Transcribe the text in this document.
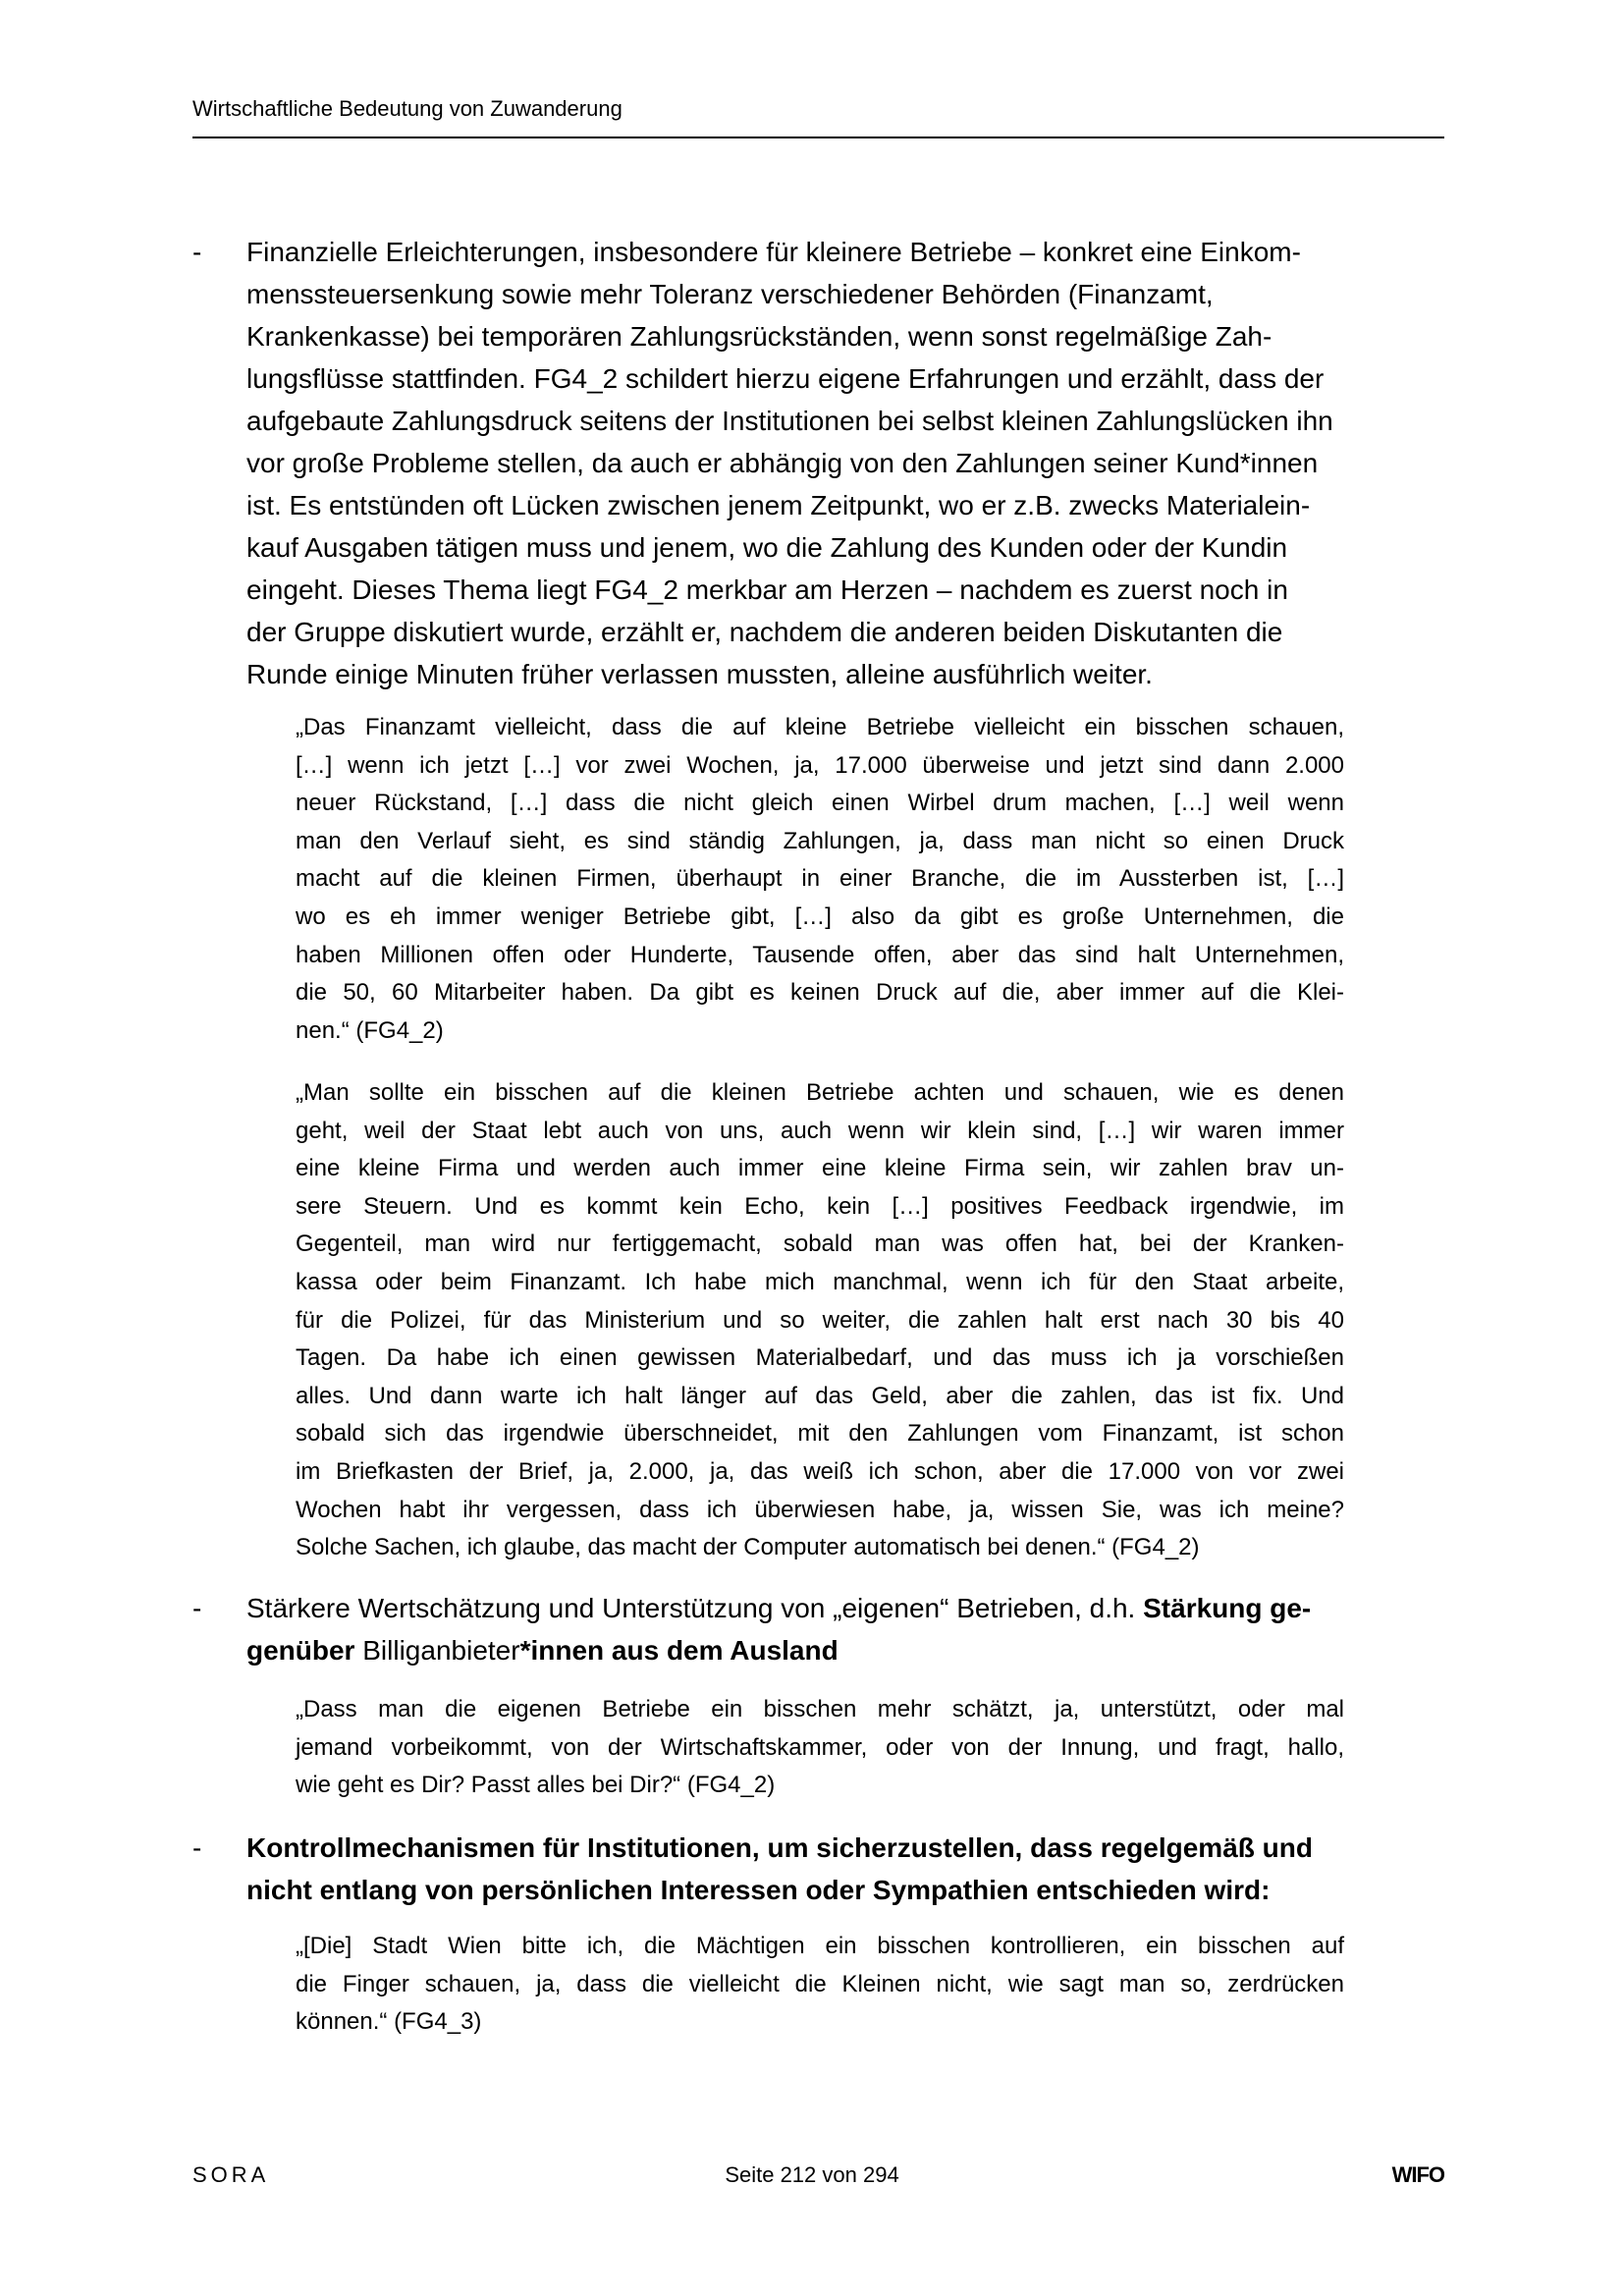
Wirtschaftliche Bedeutung von Zuwanderung
-	Finanzielle Erleichterungen, insbesondere für kleinere Betriebe – konkret eine Einkom-
menssteuersenkung sowie mehr Toleranz verschiedener Behörden (Finanzamt,
Krankenkasse) bei temporären Zahlungsrückständen, wenn sonst regelmäßige Zah-
lungsflüsse stattfinden. FG4_2 schildert hierzu eigene Erfahrungen und erzählt, dass der
aufgebaute Zahlungsdruck seitens der Institutionen bei selbst kleinen Zahlungslücken ihn
vor große Probleme stellen, da auch er abhängig von den Zahlungen seiner Kund*innen
ist. Es entstünden oft Lücken zwischen jenem Zeitpunkt, wo er z.B. zwecks Materialein-
kauf Ausgaben tätigen muss und jenem, wo die Zahlung des Kunden oder der Kundin
eingeht. Dieses Thema liegt FG4_2 merkbar am Herzen – nachdem es zuerst noch in
der Gruppe diskutiert wurde, erzählt er, nachdem die anderen beiden Diskutanten die
Runde einige Minuten früher verlassen mussten, alleine ausführlich weiter.
„Das Finanzamt vielleicht, dass die auf kleine Betriebe vielleicht ein bisschen schauen,
[…] wenn ich jetzt […] vor zwei Wochen, ja, 17.000 überweise und jetzt sind dann 2.000
neuer Rückstand, […] dass die nicht gleich einen Wirbel drum machen, […] weil wenn
man den Verlauf sieht, es sind ständig Zahlungen, ja, dass man nicht so einen Druck
macht auf die kleinen Firmen, überhaupt in einer Branche, die im Aussterben ist, […]
wo es eh immer weniger Betriebe gibt, […] also da gibt es große Unternehmen, die
haben Millionen offen oder Hunderte, Tausende offen, aber das sind halt Unternehmen,
die 50, 60 Mitarbeiter haben. Da gibt es keinen Druck auf die, aber immer auf die Klei-
nen.“ (FG4_2)
„Man sollte ein bisschen auf die kleinen Betriebe achten und schauen, wie es denen
geht, weil der Staat lebt auch von uns, auch wenn wir klein sind, […] wir waren immer
eine kleine Firma und werden auch immer eine kleine Firma sein, wir zahlen brav un-
sere Steuern. Und es kommt kein Echo, kein […] positives Feedback irgendwie, im
Gegenteil, man wird nur fertiggemacht, sobald man was offen hat, bei der Kranken-
kassa oder beim Finanzamt. Ich habe mich manchmal, wenn ich für den Staat arbeite,
für die Polizei, für das Ministerium und so weiter, die zahlen halt erst nach 30 bis 40
Tagen. Da habe ich einen gewissen Materialbedarf, und das muss ich ja vorschießen
alles. Und dann warte ich halt länger auf das Geld, aber die zahlen, das ist fix. Und
sobald sich das irgendwie überschneidet, mit den Zahlungen vom Finanzamt, ist schon
im Briefkasten der Brief, ja, 2.000, ja, das weiß ich schon, aber die 17.000 von vor zwei
Wochen habt ihr vergessen, dass ich überwiesen habe, ja, wissen Sie, was ich meine?
Solche Sachen, ich glaube, das macht der Computer automatisch bei denen.“ (FG4_2)
-	Stärkere Wertschätzung und Unterstützung von „eigenen“ Betrieben, d.h. Stärkung ge-
genüber Billiganbieter*innen aus dem Ausland
„Dass man die eigenen Betriebe ein bisschen mehr schätzt, ja, unterstützt, oder mal
jemand vorbeikommt, von der Wirtschaftskammer, oder von der Innung, und fragt, hallo,
wie geht es Dir? Passt alles bei Dir?“ (FG4_2)
-	Kontrollmechanismen für Institutionen, um sicherzustellen, dass regelgemäß und
nicht entlang von persönlichen Interessen oder Sympathien entschieden wird:
„[Die] Stadt Wien bitte ich, die Mächtigen ein bisschen kontrollieren, ein bisschen auf
die Finger schauen, ja, dass die vielleicht die Kleinen nicht, wie sagt man so, zerdrücken
können.“ (FG4_3)
SORA	Seite 212 von 294	WIFO
